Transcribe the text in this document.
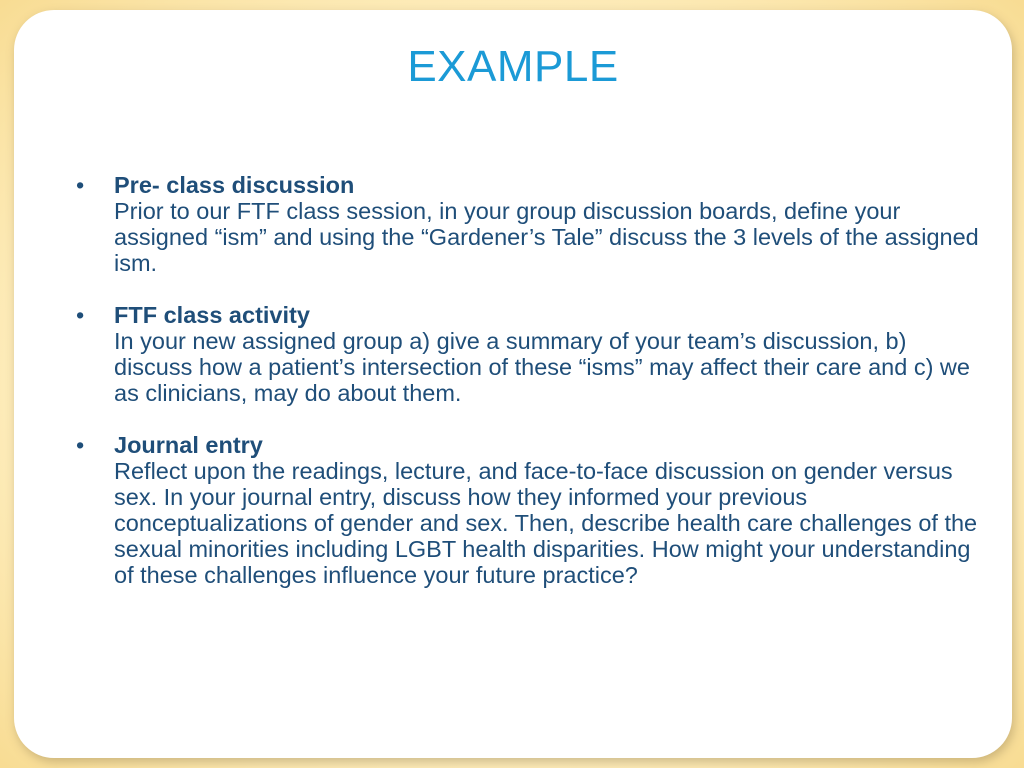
EXAMPLE
• Pre- class discussion
Prior to our FTF class session, in your group discussion boards, define your assigned “ism” and using the “Gardener’s Tale” discuss the 3 levels of the assigned ism.
• FTF class activity
In your new assigned group a) give a summary of your team’s discussion, b) discuss how a patient’s intersection of these “isms” may affect their care and c) we as clinicians, may do about them.
• Journal entry
Reflect upon the readings, lecture, and face-to-face discussion on gender versus sex. In your journal entry, discuss how they informed your previous conceptualizations of gender and sex. Then, describe health care challenges of the sexual minorities including LGBT health disparities. How might your understanding of these challenges influence your future practice?
